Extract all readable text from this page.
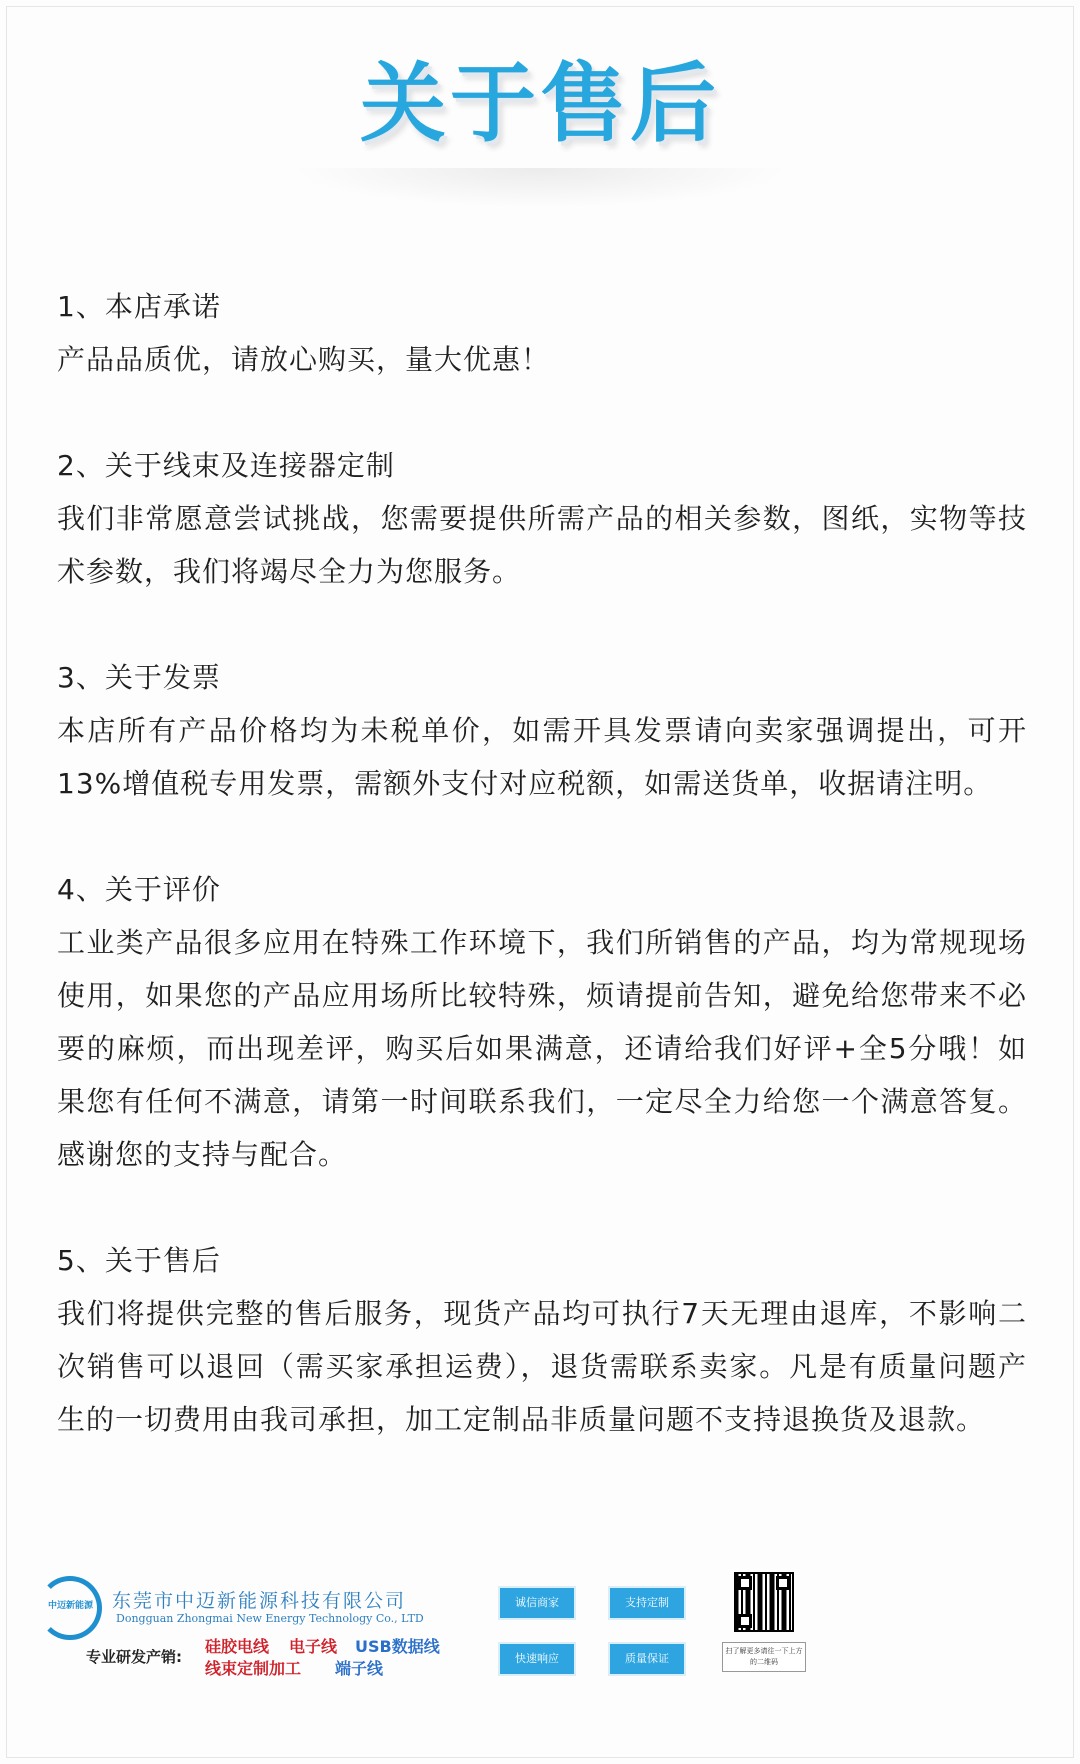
关于售后
1、本店承诺
产品品质优，请放心购买，量大优惠！
2、关于线束及连接器定制
我们非常愿意尝试挑战，您需要提供所需产品的相关参数，图纸，实物等技术参数，我们将竭尽全力为您服务。
3、关于发票
本店所有产品价格均为未税单价，如需开具发票请向卖家强调提出，可开13%增值税专用发票，需额外支付对应税额，如需送货单，收据请注明。
4、关于评价
工业类产品很多应用在特殊工作环境下，我们所销售的产品，均为常规现场使用，如果您的产品应用场所比较特殊，烦请提前告知，避免给您带来不必要的麻烦，而出现差评，购买后如果满意，还请给我们好评+全5分哦！如果您有任何不满意，请第一时间联系我们，一定尽全力给您一个满意答复。感谢您的支持与配合。
5、关于售后
我们将提供完整的售后服务，现货产品均可执行7天无理由退库，不影响二次销售可以退回（需买家承担运费），退货需联系卖家。凡是有质量问题产生的一切费用由我司承担，加工定制品非质量问题不支持退换货及退款。
中迈新能源 东莞市中迈新能源科技有限公司
Dongguan Zhongmai New Energy Technology Co., LTD
专业研发产销:
硅胶电线 电子线 USB数据线
线束定制加工 端子线
诚信商家	支持定制
快速响应	质量保证
扫了解更多请往一下上方的二维码
